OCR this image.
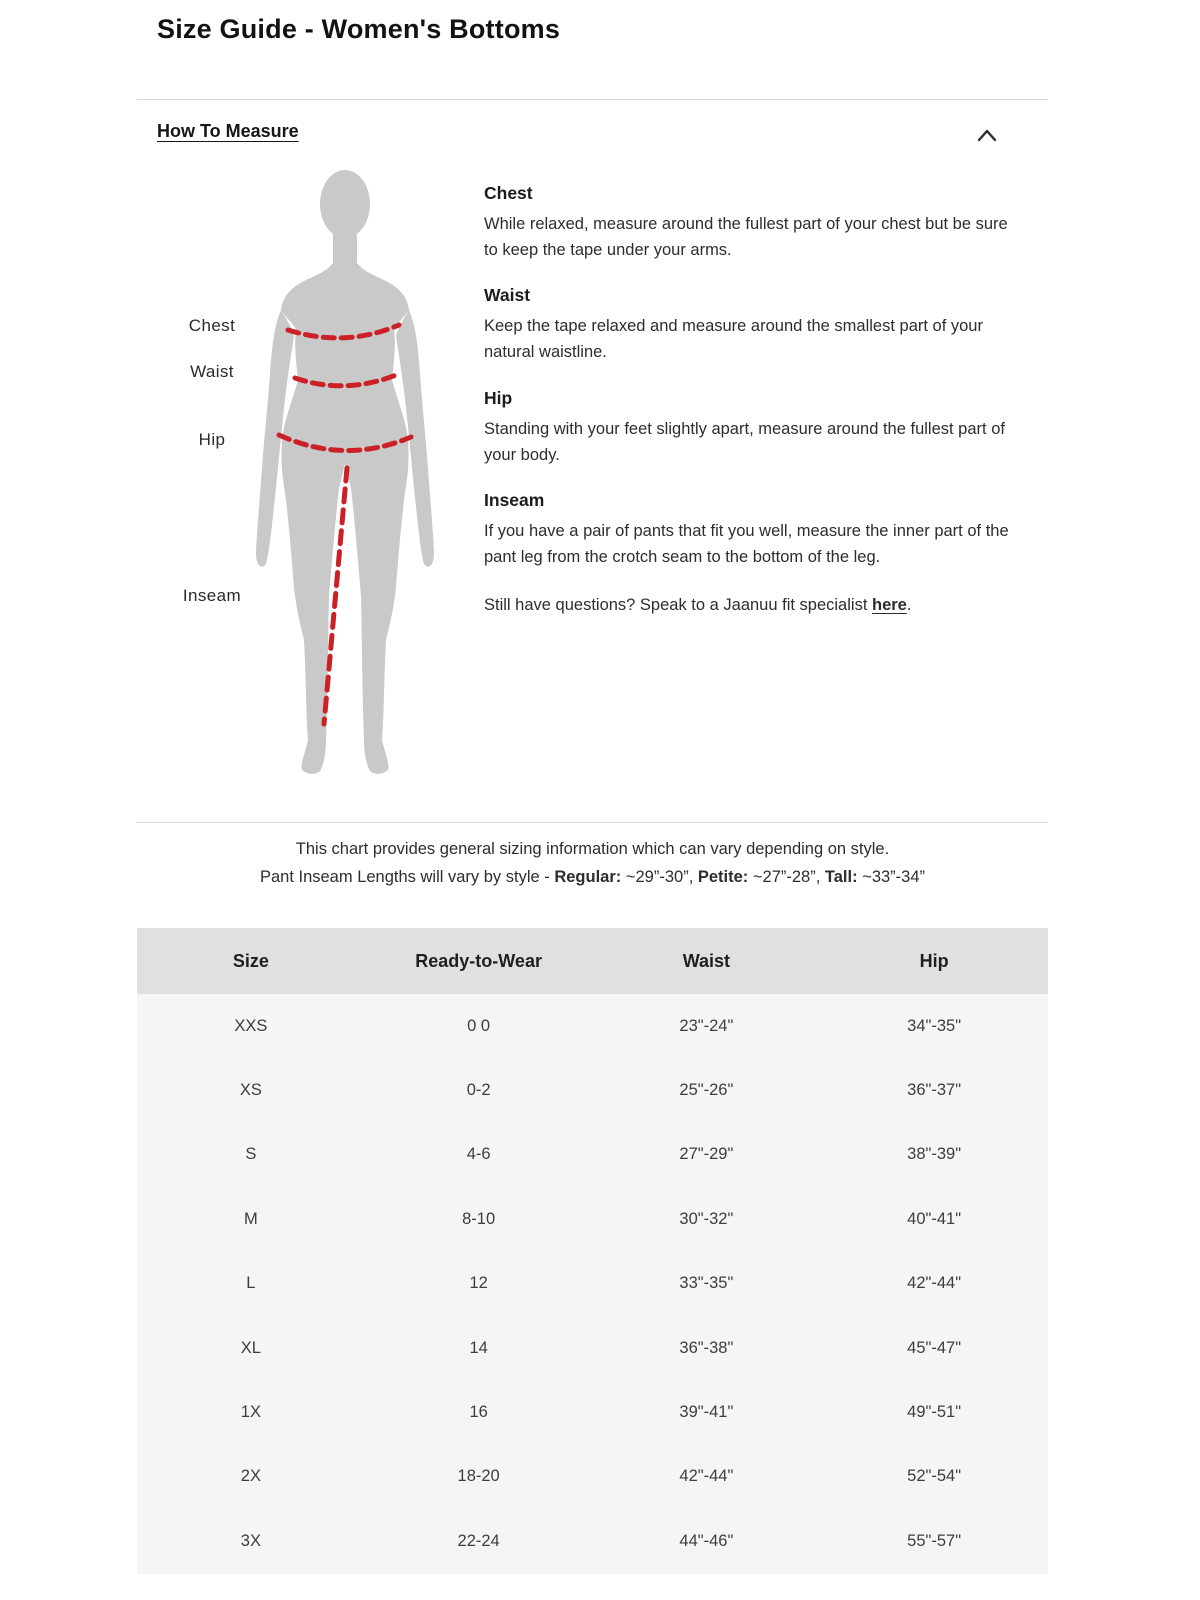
Size Guide - Women's Bottoms
How To Measure
Chest
Waist
Hip
Inseam
Chest

While relaxed, measure around the fullest part of your chest but be sure to keep the tape under your arms.

Waist

Keep the tape relaxed and measure around the smallest part of your natural waistline.

Hip

Standing with your feet slightly apart, measure around the fullest part of your body.

Inseam

If you have a pair of pants that fit you well, measure the inner part of the pant leg from the crotch seam to the bottom of the leg.

Still have questions? Speak to a Jaanuu fit specialist here.
This chart provides general sizing information which can vary depending on style.
Pant Inseam Lengths will vary by style - Regular: ~29”-30”, Petite: ~27”-28”, Tall: ~33”-34”
Size	Ready-to-Wear	Waist	Hip
XXS	0 0	23"-24"	34"-35"
XS	0-2	25"-26"	36"-37"
S	4-6	27"-29"	38"-39"
M	8-10	30"-32"	40"-41"
L	12	33"-35"	42"-44"
XL	14	36"-38"	45"-47"
1X	16	39"-41"	49"-51"
2X	18-20	42"-44"	52"-54"
3X	22-24	44"-46"	55"-57"
